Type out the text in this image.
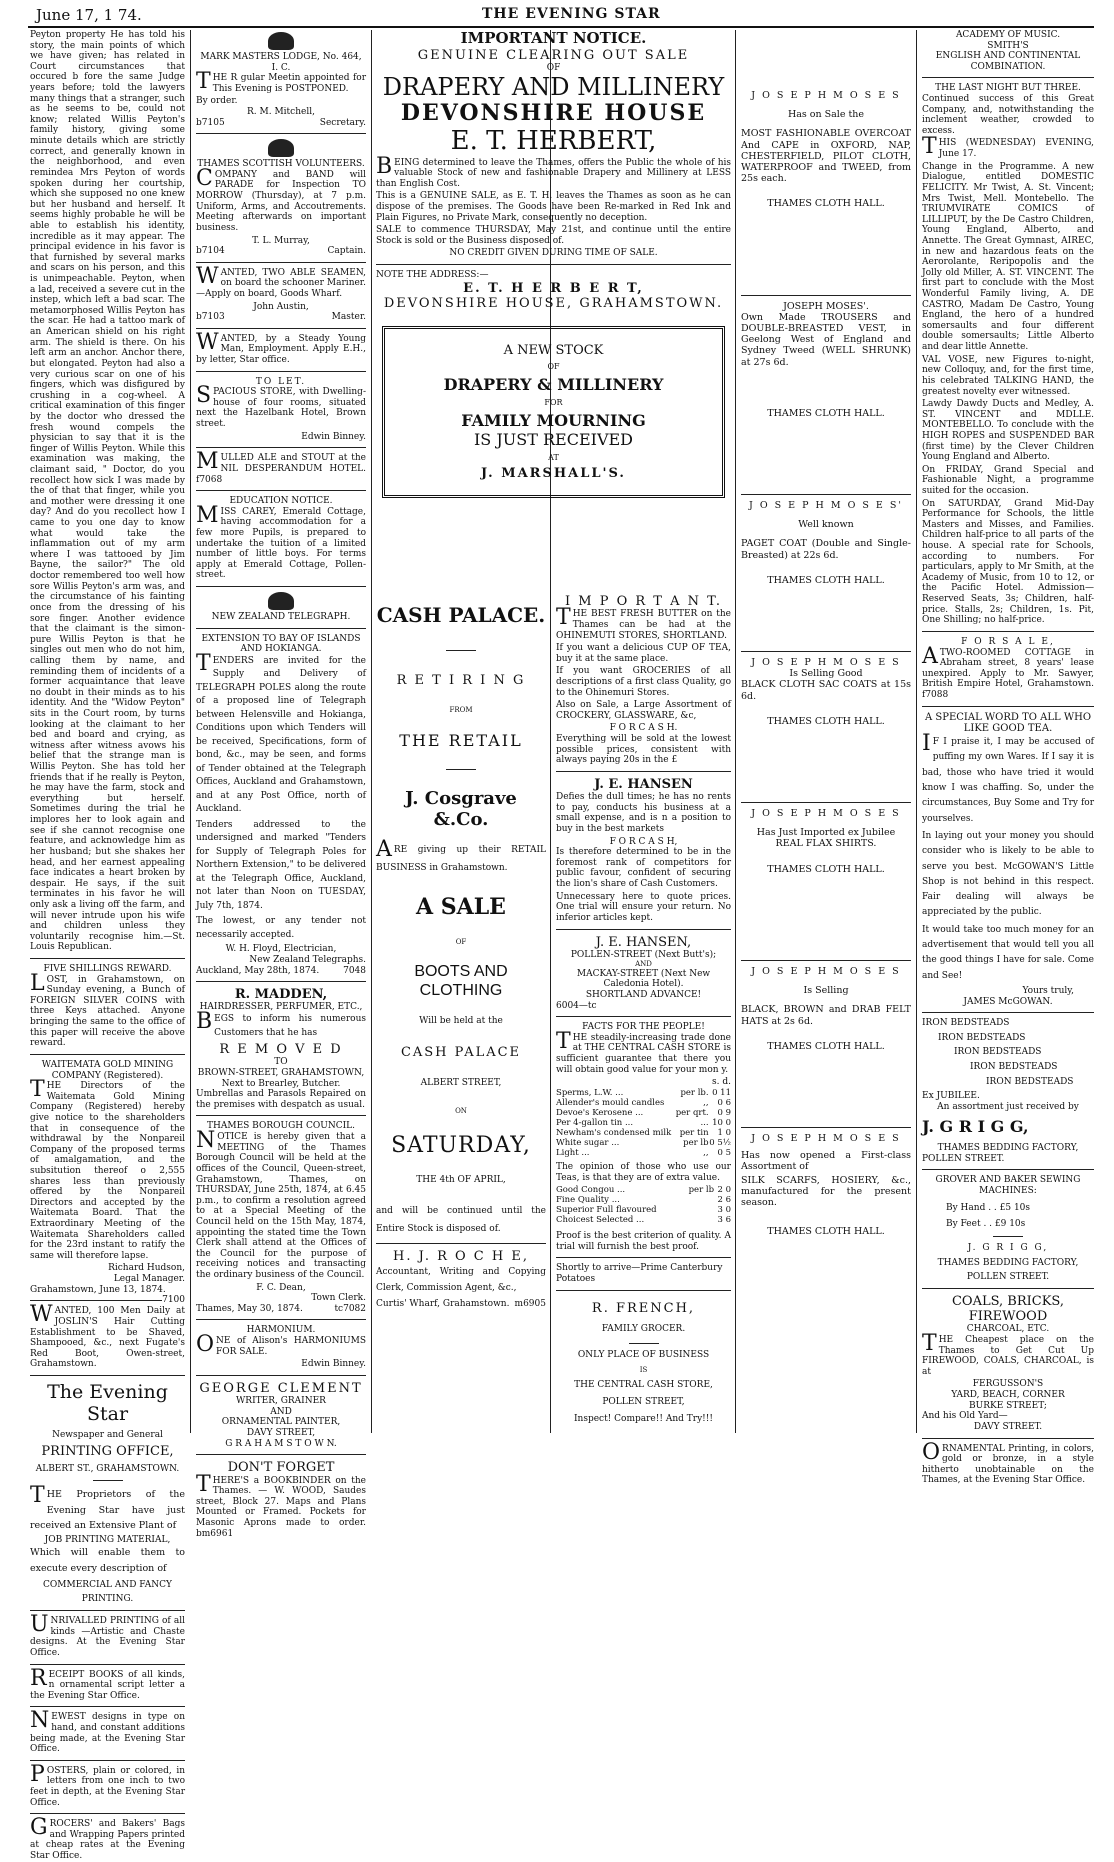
June 17, 1 74.	THE EVENING STAR

Peyton property He has told his story, the main points of which we have given; has related in Court circumstances that occured b fore the same Judge years before; told the lawyers many things that a stranger, such as he seems to be, could not know; related Willis Peyton's family history, giving some minute details which are strictly correct, and generally known in the neighborhood, and even remindea Mrs Peyton of words spoken during her courtship, which she supposed no one knew but her husband and herself. It seems highly probable he will be able to establish his identity, incredible as it may appear. The principal evidence in his favor is that furnished by several marks and scars on his person, and this is unimpeachable. Peyton, when a lad, received a severe cut in the instep, which left a bad scar. The metamorphosed Willis Peyton has the scar. He had a tattoo mark of an American shield on his right arm. The shield is there. On his left arm an anchor. Anchor there, but elongated. Peyton had also a very curious scar on one of his fingers, which was disfigured by crushing in a cog-wheel. A critical examination of this finger by the doctor who dressed the fresh wound compels the physician to say that it is the finger of Willis Peyton. While this examination was making, the claimant said, " Doctor, do you recollect how sick I was made by the of that that finger, while you and mother were dressing it one day? And do you recollect how I came to you one day to know what would take the inflammation out of my arm where I was tattooed by Jim Bayne, the sailor?" The old doctor remembered too well how sore Willis Peyton's arm was, and the circumstance of his fainting once from the dressing of his sore finger. Another evidence that the claimant is the simon-pure Willis Peyton is that he singles out men who do not him, calling them by name, and reminding them of incidents of a former acquaintance that leave no doubt in their minds as to his identity. And the "Widow Peyton" sits in the Court room, by turns looking at the claimant to her bed and board and crying, as witness after witness avows his belief that the strange man is Willis Peyton. She has told her friends that if he really is Peyton, he may have the farm, stock and everything but herself. Sometimes during the trial he implores her to look again and see if she cannot recognise one feature, and acknowledge him as her husband; but she shakes her head, and her earnest appealing face indicates a heart broken by despair. He says, if the suit terminates in his favor he will only ask a living off the farm, and will never intrude upon his wife and children unless they voluntarily recognise him.—St. Louis Republican.

FIVE SHILLINGS REWARD.

LOST, in Grahamstown, on Sunday evening, a Bunch of FOREIGN SILVER COINS with three Keys attached. Anyone bringing the same to the office of this paper will receive the above reward.

WAITEMATA GOLD MINING COMPANY (Registered).

THE Directors of the Waitemata Gold Mining Company (Registered) hereby give notice to the shareholders that in consequence of the withdrawal by the Nonpareil Company of the proposed terms of amalgamation, and the subsitution thereof o 2,555 shares less than previously offered by the Nonpareil Directors and accepted by the Waitemata Board. That the Extraordinary Meeting of the Waitemata Shareholders called for the 23rd instant to ratify the same will therefore lapse.

Richard Hudson,
Legal Manager.
Grahamstown, June 13, 1874.
7100

WANTED, 100 Men Daily at JOSLIN'S Hair Cutting Establishment to be Shaved, Shampooed, &c., next Fugate's Red Boot, Owen-street, Grahamstown.

The Evening Star
Newspaper and General
PRINTING OFFICE,
ALBERT ST., GRAHAMSTOWN.

THE Proprietors of the Evening Star have just received an Extensive Plant of

JOB PRINTING MATERIAL,

Which will enable them to execute every description of

COMMERCIAL AND FANCY
PRINTING.

UNRIVALLED PRINTING of all kinds —Artistic and Chaste designs. At the Evening Star Office.

RECEIPT BOOKS of all kinds, n ornamental script letter a the Evening Star Office.

NEWEST designs in type on hand, and constant additions being made, at the Evening Star Office.

POSTERS, plain or colored, in letters from one inch to two feet in depth, at the Evening Star Office.

GROCERS' and Bakers' Bags and Wrapping Papers printed at cheap rates at the Evening Star Office.

MARK MASTERS LODGE, No. 464, I. C.

THE R gular Meetin appointed for This Evening is POSTPONED.

By order.
R. M. Mitchell,
b7105	Secretary.
THAMES SCOTTISH VOLUNTEERS.

COMPANY and BAND will PARADE for Inspection TO MORROW (Thursday), at 7 p.m. Uniform, Arms, and Accoutrements. Meeting afterwards on important business.

T. L. Murray,
b7104	Captain.

WANTED, TWO ABLE SEAMEN, on board the schooner Mariner.—Apply on board, Goods Wharf.

John Austin,
b7103	Master.

WANTED, by a Steady Young Man, Employment. Apply E.H., by letter, Star office.

TO LET.

SPACIOUS STORE, with Dwelling-house of four rooms, situated next the Hazelbank Hotel, Brown street.

Edwin Binney.

MULLED ALE and STOUT at the NIL DESPERANDUM HOTEL. f7068

EDUCATION NOTICE.

MISS CAREY, Emerald Cottage, having accommodation for a few more Pupils, is prepared to undertake the tuition of a limited number of little boys. For terms apply at Emerald Cottage, Pollen-street.

NEW ZEALAND TELEGRAPH.
EXTENSION TO BAY OF ISLANDS AND HOKIANGA.

TENDERS are invited for the Supply and Delivery of TELEGRAPH POLES along the route of a proposed line of Telegraph between Helensville and Hokianga, Conditions upon which Tenders will be received, Specifications, form of bond, &c., may be seen, and forms of Tender obtained at the Telegraph Offices, Auckland and Grahamstown, and at any Post Office, north of Auckland.

Tenders addressed to the undersigned and marked "Tenders for Supply of Telegraph Poles for Northern Extension," to be delivered at the Telegraph Office, Auckland, not later than Noon on TUESDAY, July 7th, 1874.

The lowest, or any tender not necessarily accepted.

W. H. Floyd, Electrician,
New Zealand Telegraphs.
Auckland, May 28th, 1874.	7048
R. MADDEN,
HAIRDRESSER, PERFUMER, ETC.,

BEGS to inform his numerous Customers that he has

R E M O V E D
TO
BROWN-STREET, GRAHAMSTOWN,
Next to Brearley, Butcher.

Umbrellas and Parasols Repaired on the premises with despatch as usual.

THAMES BOROUGH COUNCIL.

NOTICE is hereby given that a MEETING of the Thames Borough Council will be held at the offices of the Council, Queen-street, Grahamstown, Thames, on THURSDAY, June 25th, 1874, at 6.45 p.m., to confirm a resolution agreed to at a Special Meeting of the Council held on the 15th May, 1874, appointing the stated time the Town Clerk shall attend at the Offices of the Council for the purpose of receiving notices and transacting the ordinary business of the Council.

F. C. Dean,
Town Clerk.
Thames, May 30, 1874.	tc7082
HARMONIUM.

ONE of Alison's HARMONIUMS FOR SALE.

Edwin Binney.
GEORGE CLEMENT
WRITER, GRAINER
AND
ORNAMENTAL PAINTER,
DAVY STREET,
G R A H A M S T O W N.
DON'T FORGET

THERE'S a BOOKBINDER on the Thames. — W. WOOD, Saudes street, Block 27. Maps and Plans Mounted or Framed. Pockets for Masonic Aprons made to order. bm6961

IMPORTANT NOTICE.
GENUINE CLEARING OUT SALE
OF
DRAPERY AND MILLINERY
DEVONSHIRE HOUSE
E. T. HERBERT,

BEING determined to leave the Thames, offers the Public the whole of his valuable Stock of new and fashionable Drapery and Millinery at LESS than English Cost.

This is a GENUINE SALE, as E. T. H. leaves the Thames as soon as he can dispose of the premises. The Goods have been Re-marked in Red Ink and Plain Figures, no Private Mark, consequently no deception.

SALE to commence THURSDAY, May 21st, and continue until the entire Stock is sold or the Business disposed of.

NO CREDIT GIVEN DURING TIME OF SALE.
NOTE THE ADDRESS:—
E. T. H E R B E R T,
DEVONSHIRE HOUSE, GRAHAMSTOWN.
A NEW STOCK
OF
DRAPERY & MILLINERY
FOR
FAMILY MOURNING
IS JUST RECEIVED
AT
J. MARSHALL'S.
CASH PALACE.
R E T I R I N G
FROM
THE RETAIL
J. Cosgrave &.Co.

ARE giving up their RETAIL BUSINESS in Grahamstown.

A SALE
OF
BOOTS AND CLOTHING
Will be held at the
CASH PALACE
ALBERT STREET,
ON
SATURDAY,
THE 4th OF APRIL,

and will be continued until the Entire Stock is disposed of.

H. J. R O C H E,

Accountant, Writing and Copying Clerk, Commission Agent, &c.,

Curtis' Wharf, Grahamstown. m6905
I M P O R T A N T.

THE BEST FRESH BUTTER on the Thames can be had at the OHINEMUTI STORES, SHORTLAND.

If you want a delicious CUP OF TEA, buy it at the same place.

If you want GROCERIES of all descriptions of a first class Quality, go to the Ohinemuri Stores.

Also on Sale, a Large Assortment of CROCKERY, GLASSWARE, &c,

F O R C A S H.

Everything will be sold at the lowest possible prices, consistent with always paying 20s in the £

J. E. HANSEN

Defies the dull times; he has no rents to pay, conducts his business at a small expense, and is n a position to buy in the best markets

F O R C A S H,

Is therefore determined to be in the foremost rank of competitors for public favour, confident of securing the lion's share of Cash Customers.

Unnecessary here to quote prices. One trial will ensure your return. No inferior articles kept.

J. E. HANSEN,
POLLEN-STREET (Next Butt's);
AND
MACKAY-STREET (Next New Caledonia Hotel).
SHORTLAND ADVANCE!
6004—tc
FACTS FOR THE PEOPLE!

THE steadily-increasing trade done at THE CENTRAL CASH STORE is sufficient guarantee that there you will obtain good value for your mon y.

s. d.
Sperms, L.W. ...	per lb.	0 11
Allender's mould candles	,,	0 6
Devoe's Kerosene ...	per qrt.	0 9
Per 4-gallon tin ...	...	10 0
Newham's condensed milk	per tin	1 0
White sugar ...	per lb	0 5½
Light ...	,,	0 5

The opinion of those who use our Teas, is that they are of extra value.

Good Congou ...	per lb	2 0
Fine Quality ...		2 6
Superior Full flavoured		3 0
Choicest Selected ...		3 6

Proof is the best criterion of quality. A trial will furnish the best proof.

Shortly to arrive—Prime Canterbury Potatoes
R. FRENCH,
FAMILY GROCER.
ONLY PLACE OF BUSINESS
IS
THE CENTRAL CASH STORE,
POLLEN STREET,
Inspect! Compare!! And Try!!!
J O S E P H M O S E S
Has on Sale the

MOST FASHIONABLE OVERCOAT And CAPE in OXFORD, NAP, CHESTERFIELD, PILOT CLOTH, WATERPROOF and TWEED, from 25s each.

THAMES CLOTH HALL.
JOSEPH MOSES'.

Own Made TROUSERS and DOUBLE-BREASTED VEST, in Geelong West of England and Sydney Tweed (WELL SHRUNK) at 27s 6d.

THAMES CLOTH HALL.
J O S E P H M O S E S'
Well known

PAGET COAT (Double and Single-Breasted) at 22s 6d.

THAMES CLOTH HALL.
J O S E P H M O S E S
Is Selling Good

BLACK CLOTH SAC COATS at 15s 6d.

THAMES CLOTH HALL.
J O S E P H M O S E S
Has Just Imported ex Jubilee
REAL FLAX SHIRTS.
THAMES CLOTH HALL.
J O S E P H M O S E S
Is Selling

BLACK, BROWN and DRAB FELT HATS at 2s 6d.

THAMES CLOTH HALL.
J O S E P H M O S E S

Has now opened a First-class Assortment of

SILK SCARFS, HOSIERY, &c., manufactured for the present season.

THAMES CLOTH HALL.
ACADEMY OF MUSIC.
SMITH'S
ENGLISH AND CONTINENTAL COMBINATION.
THE LAST NIGHT BUT THREE.

Continued success of this Great Company, and, notwithstanding the inclement weather, crowded to excess.

THIS (WEDNESDAY) EVENING, June 17.

Change in the Programme. A new Dialogue, entitled DOMESTIC FELICITY. Mr Twist, A. St. Vincent; Mrs Twist, Mell. Montebello. The TRIUMVIRATE COMICS of LILLIPUT, by the De Castro Children, Young England, Alberto, and Annette. The Great Gymnast, AIREC, in new and hazardous feats on the Aerorolante, Reripopolis and the Jolly old Miller, A. ST. VINCENT. The first part to conclude with the Most Wonderful Family living, A. DE CASTRO, Madam De Castro, Young England, the hero of a hundred somersaults and four different double somersaults; Little Alberto and dear little Annette.

VAL VOSE, new Figures to-night, new Colloquy, and, for the first time, his celebrated TALKING HAND, the greatest novelty ever witnessed.

Lawdy Dawdy Ducts and Medley, A. ST. VINCENT and MDLLE. MONTEBELLO. To conclude with the HIGH ROPES and SUSPENDED BAR (first time) by the Clever Children Young England and Alberto.

On FRIDAY, Grand Special and Fashionable Night, a programme suited for the occasion.

On SATURDAY, Grand Mid-Day Performance for Schools, the little Masters and Misses, and Families. Children half-price to all parts of the house. A special rate for Schools, according to numbers. For particulars, apply to Mr Smith, at the Academy of Music, from 10 to 12, or the Pacific Hotel. Admission—Reserved Seats, 3s; Children, half-price. Stalls, 2s; Children, 1s. Pit, One Shilling; no half-price.

F O R S A L E,

ATWO-ROOMED COTTAGE in Abraham street, 8 years' lease unexpired. Apply to Mr. Sawyer, British Empire Hotel, Grahamstown. f7088

A SPECIAL WORD TO ALL WHO LIKE GOOD TEA.

I F I praise it, I may be accused of puffing my own Wares. If I say it is bad, those who have tried it would know I was chaffing. So, under the circumstances, Buy Some and Try for yourselves.

In laying out your money you should consider who is likely to be able to serve you best. McGOWAN'S Little Shop is not behind in this respect. Fair dealing will always be appreciated by the public.

It would take too much money for an advertisement that would tell you all the good things I have for sale. Come and See!

Yours truly,
JAMES McGOWAN.
IRON BEDSTEADS
IRON BEDSTEADS
IRON BEDSTEADS
IRON BEDSTEADS
IRON BEDSTEADS
Ex JUBILEE.
An assortment just received by
J. G R I G G,
THAMES BEDDING FACTORY,
POLLEN STREET.
GROVER AND BAKER SEWING
MACHINES:
By Hand . . £5 10s
By Feet . . £9 10s
J. G R I G G,
THAMES BEDDING FACTORY,
POLLEN STREET.
COALS, BRICKS, FIREWOOD
CHARCOAL, ETC.

THE Cheapest place on the Thames to Get Cut Up FIREWOOD, COALS, CHARCOAL, is at

FERGUSSON'S
YARD, BEACH, CORNER
BURKE STREET;
And his Old Yard—
DAVY STREET.

ORNAMENTAL Printing, in colors, gold or bronze, in a style hitherto unobtainable on the Thames, at the Evening Star Office.
